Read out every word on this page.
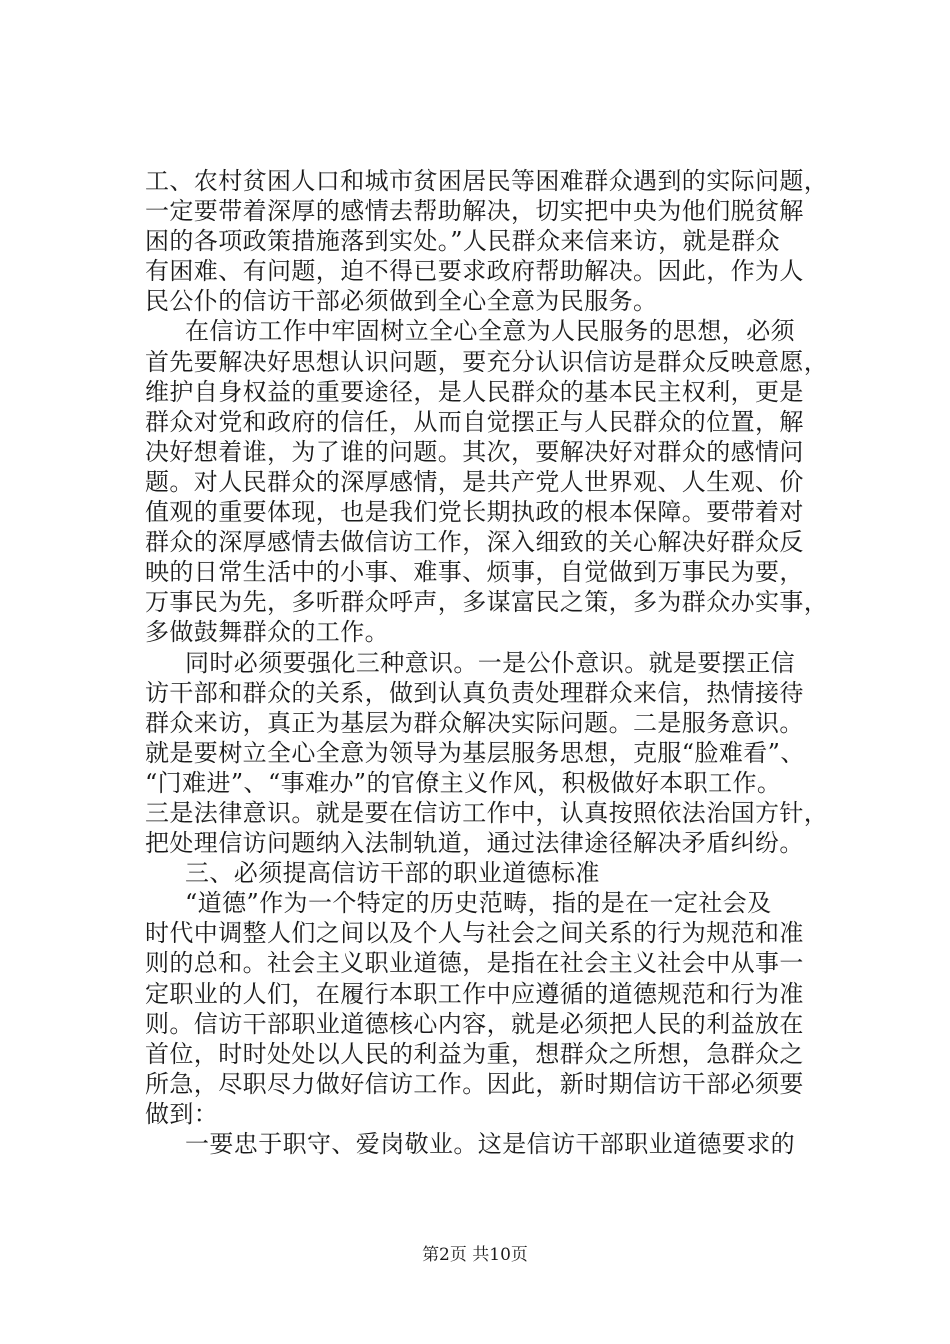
工、农村贫困人口和城市贫困居民等困难群众遇到的实际问题，
一定要带着深厚的感情去帮助解决，切实把中央为他们脱贫解
困的各项政策措施落到实处。”人民群众来信来访，就是群众
有困难、有问题，迫不得已要求政府帮助解决。因此，作为人
民公仆的信访干部必须做到全心全意为民服务。
在信访工作中牢固树立全心全意为人民服务的思想，必须
首先要解决好思想认识问题，要充分认识信访是群众反映意愿，
维护自身权益的重要途径，是人民群众的基本民主权利，更是
群众对党和政府的信任，从而自觉摆正与人民群众的位置，解
决好想着谁，为了谁的问题。其次，要解决好对群众的感情问
题。对人民群众的深厚感情，是共产党人世界观、人生观、价
值观的重要体现，也是我们党长期执政的根本保障。要带着对
群众的深厚感情去做信访工作，深入细致的关心解决好群众反
映的日常生活中的小事、难事、烦事，自觉做到万事民为要，
万事民为先，多听群众呼声，多谋富民之策，多为群众办实事，
多做鼓舞群众的工作。
同时必须要强化三种意识。一是公仆意识。就是要摆正信
访干部和群众的关系，做到认真负责处理群众来信，热情接待
群众来访，真正为基层为群众解决实际问题。二是服务意识。
就是要树立全心全意为领导为基层服务思想，克服“脸难看”、
“门难进”、“事难办”的官僚主义作风，积极做好本职工作。
三是法律意识。就是要在信访工作中，认真按照依法治国方针，
把处理信访问题纳入法制轨道，通过法律途径解决矛盾纠纷。
三、必须提高信访干部的职业道德标准
“道德”作为一个特定的历史范畴，指的是在一定社会及
时代中调整人们之间以及个人与社会之间关系的行为规范和准
则的总和。社会主义职业道德，是指在社会主义社会中从事一
定职业的人们，在履行本职工作中应遵循的道德规范和行为准
则。信访干部职业道德核心内容，就是必须把人民的利益放在
首位，时时处处以人民的利益为重，想群众之所想，急群众之
所急，尽职尽力做好信访工作。因此，新时期信访干部必须要
做到：
一要忠于职守、爱岗敬业。这是信访干部职业道德要求的
第2页 共10页
